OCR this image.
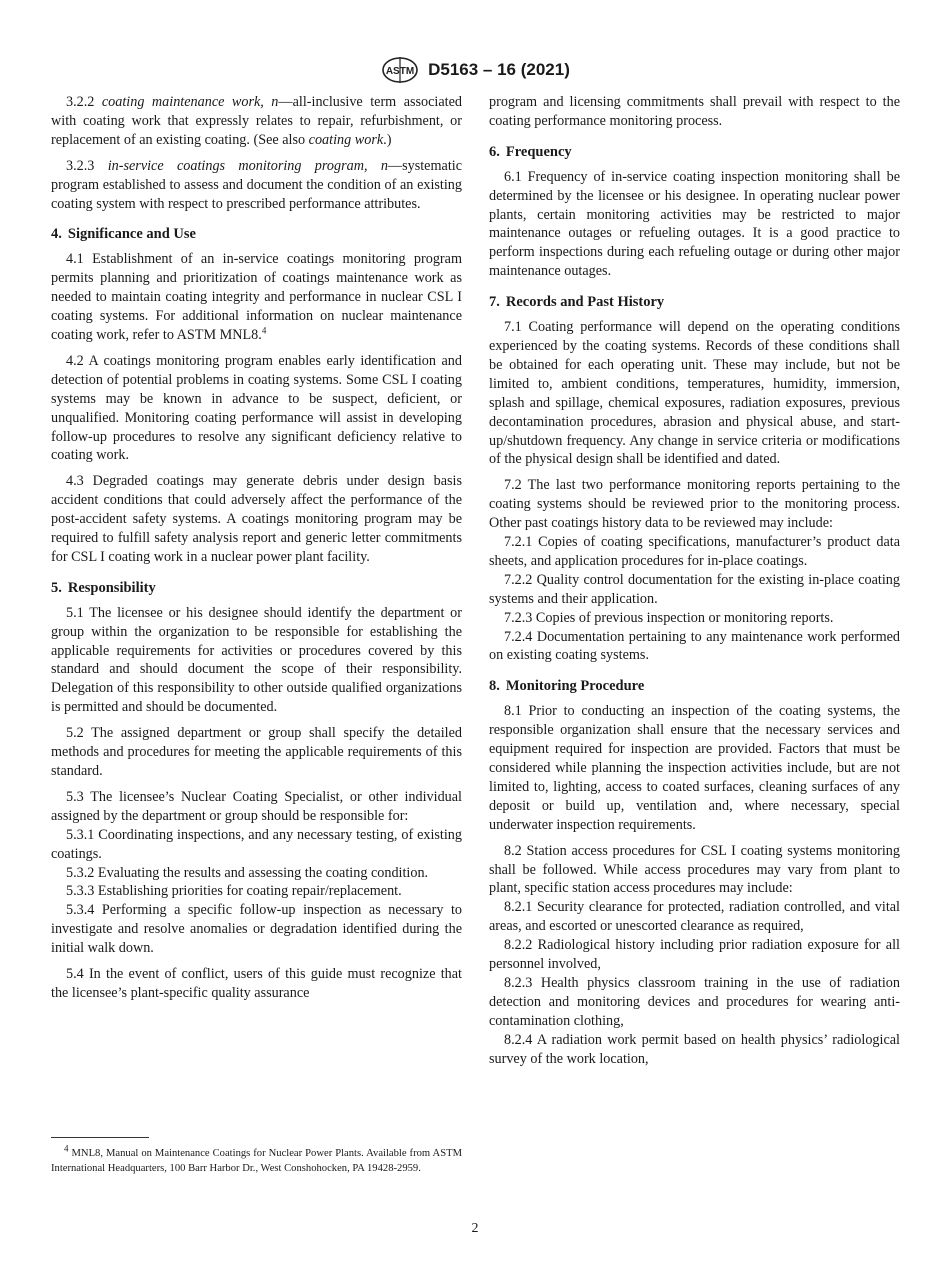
ASTM D5163 – 16 (2021)

3.2.2 coating maintenance work, n—all-inclusive term associated with coating work that expressly relates to repair, refurbishment, or replacement of an existing coating. (See also coating work.)

3.2.3 in-service coatings monitoring program, n—systematic program established to assess and document the condition of an existing coating system with respect to prescribed performance attributes.

4. Significance and Use

4.1 Establishment of an in-service coatings monitoring program permits planning and prioritization of coatings maintenance work as needed to maintain coating integrity and performance in nuclear CSL I coating systems. For additional information on nuclear maintenance coating work, refer to ASTM MNL8.$^4$

4.2 A coatings monitoring program enables early identification and detection of potential problems in coating systems. Some CSL I coating systems may be known in advance to be suspect, deficient, or unqualified. Monitoring coating performance will assist in developing follow-up procedures to resolve any significant deficiency relative to coating work.

4.3 Degraded coatings may generate debris under design basis accident conditions that could adversely affect the performance of the post-accident safety systems. A coatings monitoring program may be required to fulfill safety analysis report and generic letter commitments for CSL I coating work in a nuclear power plant facility.

5. Responsibility

5.1 The licensee or his designee should identify the department or group within the organization to be responsible for establishing the applicable requirements for activities or procedures covered by this standard and should document the scope of their responsibility. Delegation of this responsibility to other outside qualified organizations is permitted and should be documented.

5.2 The assigned department or group shall specify the detailed methods and procedures for meeting the applicable requirements of this standard.

5.3 The licensee’s Nuclear Coating Specialist, or other individual assigned by the department or group should be responsible for:

5.3.1 Coordinating inspections, and any necessary testing, of existing coatings.

5.3.2 Evaluating the results and assessing the coating condition.

5.3.3 Establishing priorities for coating repair/replacement.

5.3.4 Performing a specific follow-up inspection as necessary to investigate and resolve anomalies or degradation identified during the initial walk down.

5.4 In the event of conflict, users of this guide must recognize that the licensee’s plant-specific quality assurance

program and licensing commitments shall prevail with respect to the coating performance monitoring process.

6. Frequency

6.1 Frequency of in-service coating inspection monitoring shall be determined by the licensee or his designee. In operating nuclear power plants, certain monitoring activities may be restricted to major maintenance outages or refueling outages. It is a good practice to perform inspections during each refueling outage or during other major maintenance outages.

7. Records and Past History

7.1 Coating performance will depend on the operating conditions experienced by the coating systems. Records of these conditions shall be obtained for each operating unit. These may include, but not be limited to, ambient conditions, temperatures, humidity, immersion, splash and spillage, chemical exposures, radiation exposures, previous decontamination procedures, abrasion and physical abuse, and start-up/shutdown frequency. Any change in service criteria or modifications of the physical design shall be identified and dated.

7.2 The last two performance monitoring reports pertaining to the coating systems should be reviewed prior to the monitoring process. Other past coatings history data to be reviewed may include:

7.2.1 Copies of coating specifications, manufacturer’s product data sheets, and application procedures for in-place coatings.

7.2.2 Quality control documentation for the existing in-place coating systems and their application.

7.2.3 Copies of previous inspection or monitoring reports.

7.2.4 Documentation pertaining to any maintenance work performed on existing coating systems.

8. Monitoring Procedure

8.1 Prior to conducting an inspection of the coating systems, the responsible organization shall ensure that the necessary services and equipment required for inspection are provided. Factors that must be considered while planning the inspection activities include, but are not limited to, lighting, access to coated surfaces, cleaning surfaces of any deposit or build up, ventilation and, where necessary, special underwater inspection requirements.

8.2 Station access procedures for CSL I coating systems monitoring shall be followed. While access procedures may vary from plant to plant, specific station access procedures may include:

8.2.1 Security clearance for protected, radiation controlled, and vital areas, and escorted or unescorted clearance as required,

8.2.2 Radiological history including prior radiation exposure for all personnel involved,

8.2.3 Health physics classroom training in the use of radiation detection and monitoring devices and procedures for wearing anti-contamination clothing,

8.2.4 A radiation work permit based on health physics’ radiological survey of the work location,

$^4$ MNL8, Manual on Maintenance Coatings for Nuclear Power Plants. Available from ASTM International Headquarters, 100 Barr Harbor Dr., West Conshohocken, PA 19428-2959.
2
